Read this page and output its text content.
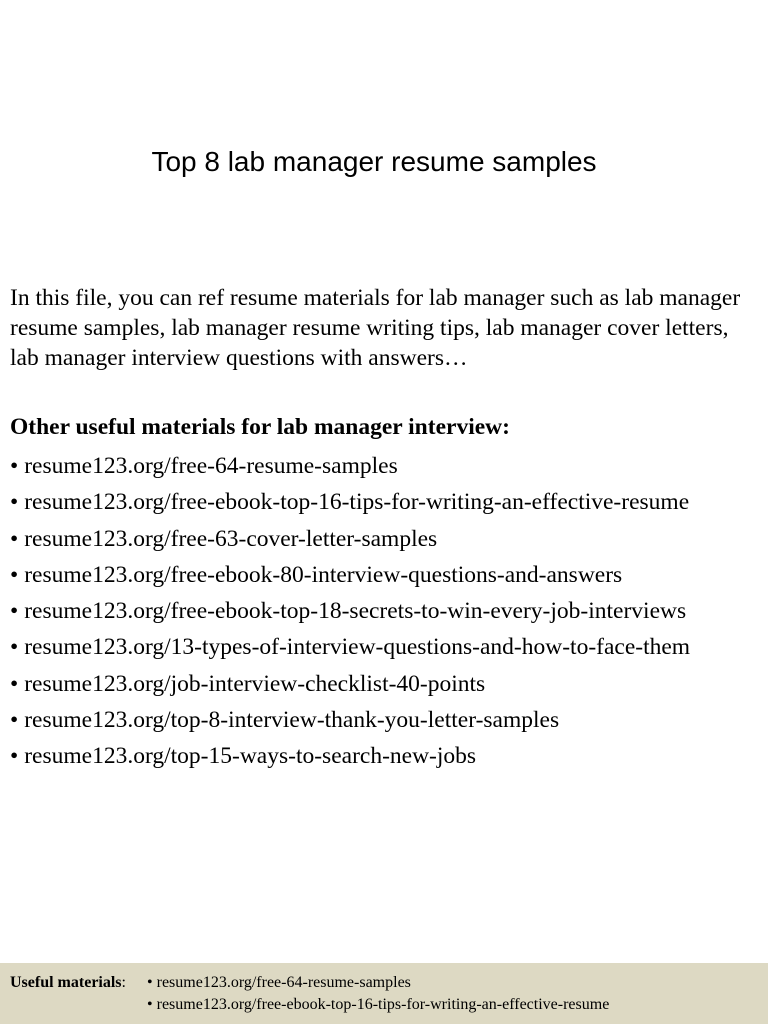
Top 8 lab manager resume samples

In this file, you can ref resume materials for lab manager such as lab manager resume samples, lab manager resume writing tips, lab manager cover letters, lab manager interview questions with answers…

Other useful materials for lab manager interview:

• resume123.org/free-64-resume-samples
• resume123.org/free-ebook-top-16-tips-for-writing-an-effective-resume
• resume123.org/free-63-cover-letter-samples
• resume123.org/free-ebook-80-interview-questions-and-answers
• resume123.org/free-ebook-top-18-secrets-to-win-every-job-interviews
• resume123.org/13-types-of-interview-questions-and-how-to-face-them
• resume123.org/job-interview-checklist-40-points
• resume123.org/top-8-interview-thank-you-letter-samples
• resume123.org/top-15-ways-to-search-new-jobs
Useful materials: • resume123.org/free-64-resume-samples
• resume123.org/free-ebook-top-16-tips-for-writing-an-effective-resume
